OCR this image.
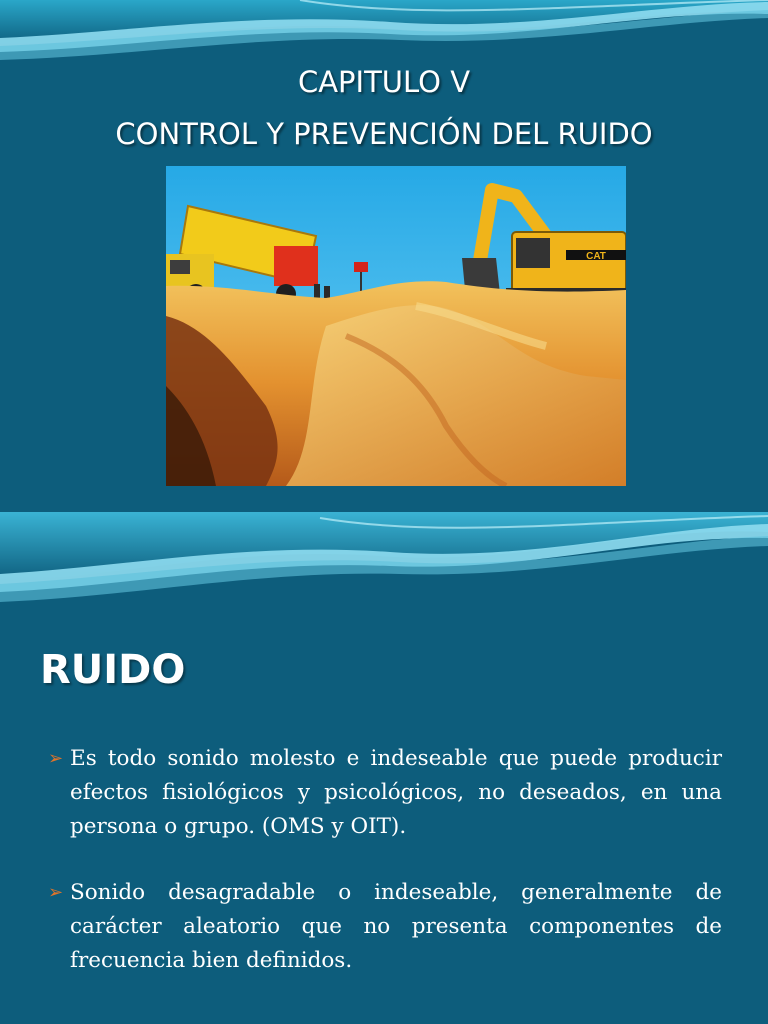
CAPITULO V
CONTROL Y PREVENCIÓN DEL RUIDO
CAT
RUIDO

➢ Es todo sonido molesto e indeseable que puede producir efectos fisiológicos y psicológicos, no deseados, en una persona o grupo. (OMS y OIT).

➢ Sonido desagradable o indeseable, generalmente de carácter aleatorio que no presenta componentes de frecuencia bien definidos.
